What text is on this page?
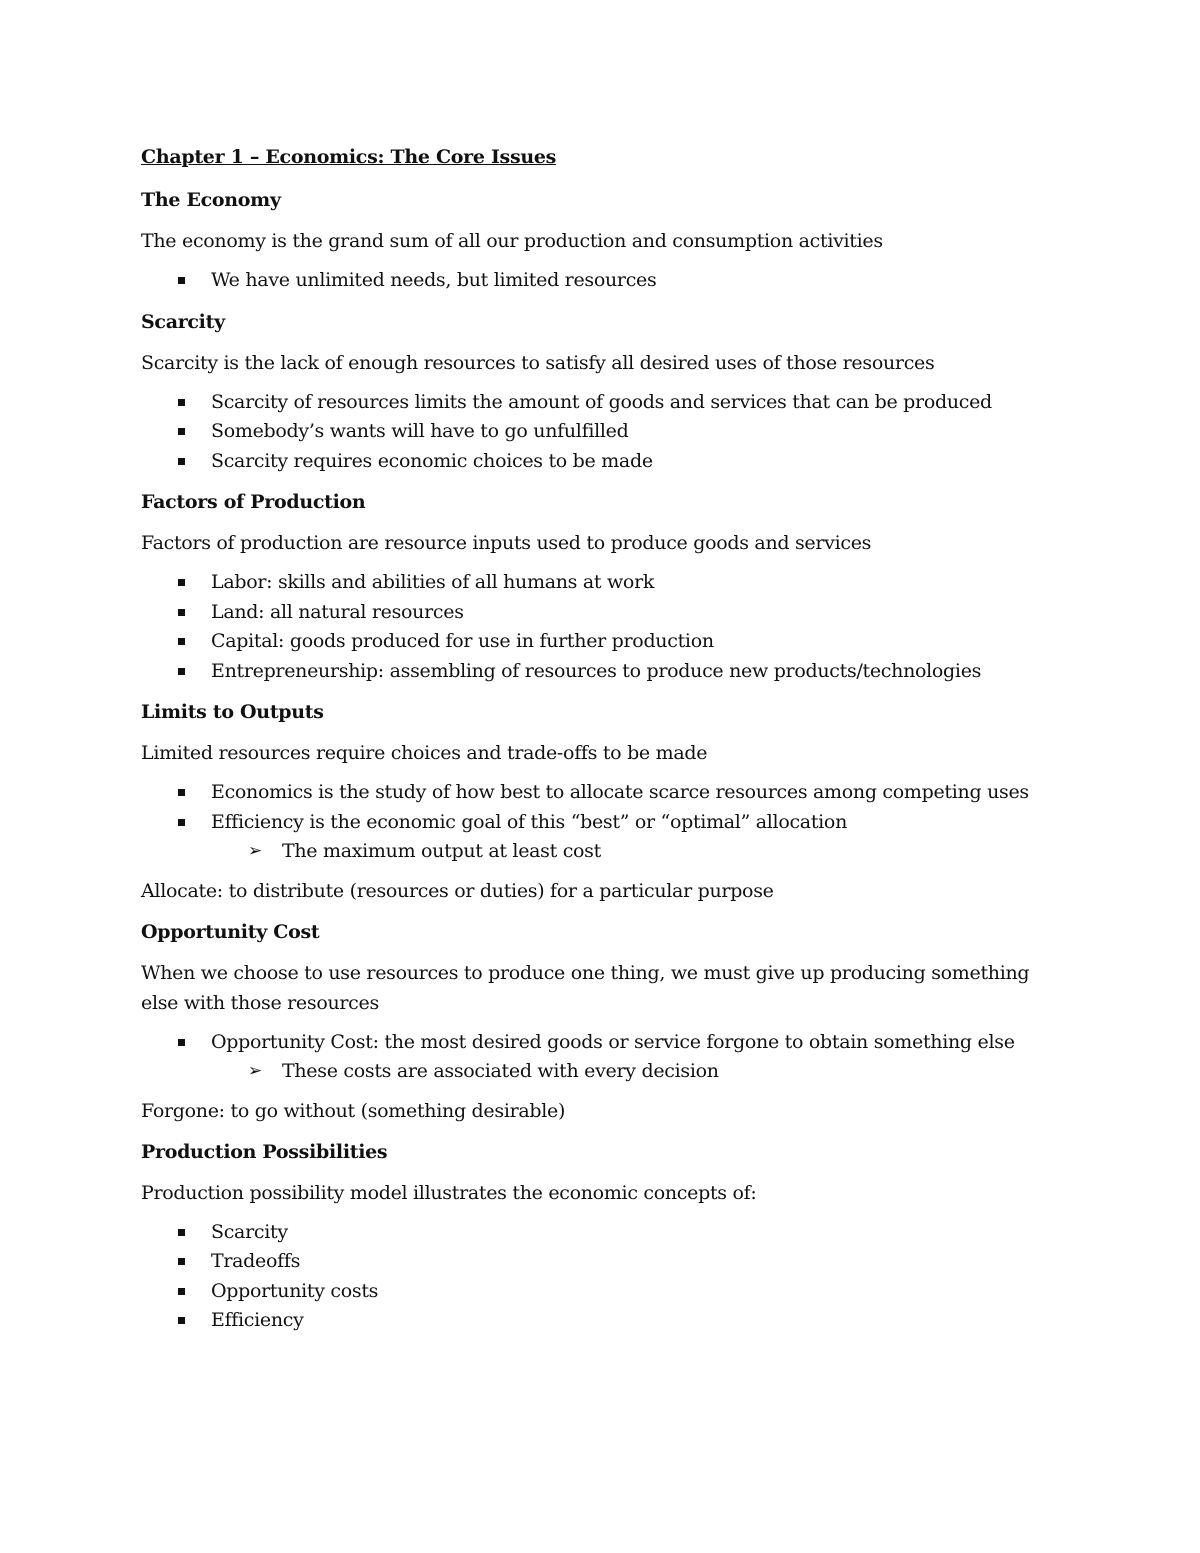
Chapter 1 – Economics: The Core Issues

The Economy

The economy is the grand sum of all our production and consumption activities

We have unlimited needs, but limited resources

Scarcity

Scarcity is the lack of enough resources to satisfy all desired uses of those resources

Scarcity of resources limits the amount of goods and services that can be produced
Somebody’s wants will have to go unfulfilled
Scarcity requires economic choices to be made

Factors of Production

Factors of production are resource inputs used to produce goods and services

Labor: skills and abilities of all humans at work
Land: all natural resources
Capital: goods produced for use in further production
Entrepreneurship: assembling of resources to produce new products/technologies

Limits to Outputs

Limited resources require choices and trade-offs to be made

Economics is the study of how best to allocate scarce resources among competing uses
Efficiency is the economic goal of this “best” or “optimal” allocation
➢ The maximum output at least cost

Allocate: to distribute (resources or duties) for a particular purpose

Opportunity Cost

When we choose to use resources to produce one thing, we must give up producing something else with those resources

Opportunity Cost: the most desired goods or service forgone to obtain something else
➢ These costs are associated with every decision

Forgone: to go without (something desirable)

Production Possibilities

Production possibility model illustrates the economic concepts of:

Scarcity
Tradeoffs
Opportunity costs
Efficiency
